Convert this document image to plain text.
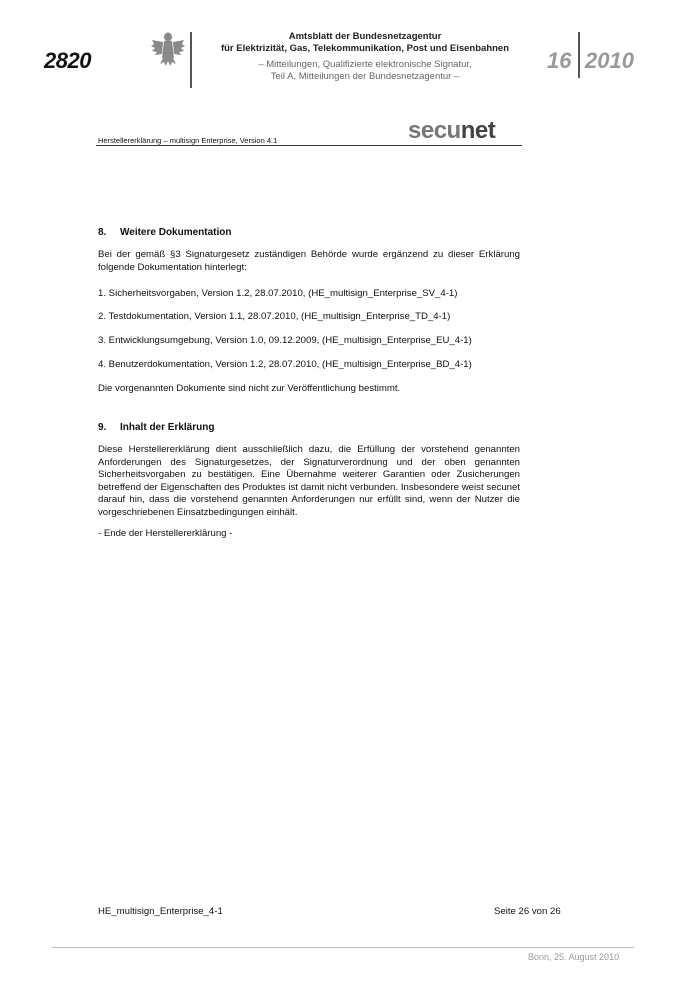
2820
Amtsblatt der Bundesnetzagentur
für Elektrizität, Gas, Telekommunikation, Post und Eisenbahnen
– Mitteilungen, Qualifizierte elektronische Signatur,
Teil A, Mitteilungen der Bundesnetzagentur –
16 2010
Herstellererklärung – multisign Enterprise, Version 4.1	secunet
8. Weitere Dokumentation
Bei der gemäß §3 Signaturgesetz zuständigen Behörde wurde ergänzend zu dieser Erklärung folgende Dokumentation hinterlegt:
1. Sicherheitsvorgaben, Version 1.2, 28.07.2010, (HE_multisign_Enterprise_SV_4-1)
2. Testdokumentation, Version 1.1, 28.07.2010, (HE_multisign_Enterprise_TD_4-1)
3. Entwicklungsumgebung, Version 1.0, 09.12.2009, (HE_multisign_Enterprise_EU_4-1)
4. Benutzerdokumentation, Version 1.2, 28.07.2010, (HE_multisign_Enterprise_BD_4-1)
Die vorgenannten Dokumente sind nicht zur Veröffentlichung bestimmt.
9. Inhalt der Erklärung
Diese Herstellererklärung dient ausschließlich dazu, die Erfüllung der vorstehend genannten Anforderungen des Signaturgesetzes, der Signaturverordnung und der oben genannten Sicherheitsvorgaben zu bestätigen. Eine Übernahme weiterer Garantien oder Zusicherungen betreffend der Eigenschaften des Produktes ist damit nicht verbunden. Insbesondere weist secunet darauf hin, dass die vorstehend genannten Anforderungen nur erfüllt sind, wenn der Nutzer die vorgeschriebenen Einsatzbedingungen einhält.
- Ende der Herstellererklärung -
HE_multisign_Enterprise_4-1	Seite 26 von 26
Bonn, 25. August 2010
